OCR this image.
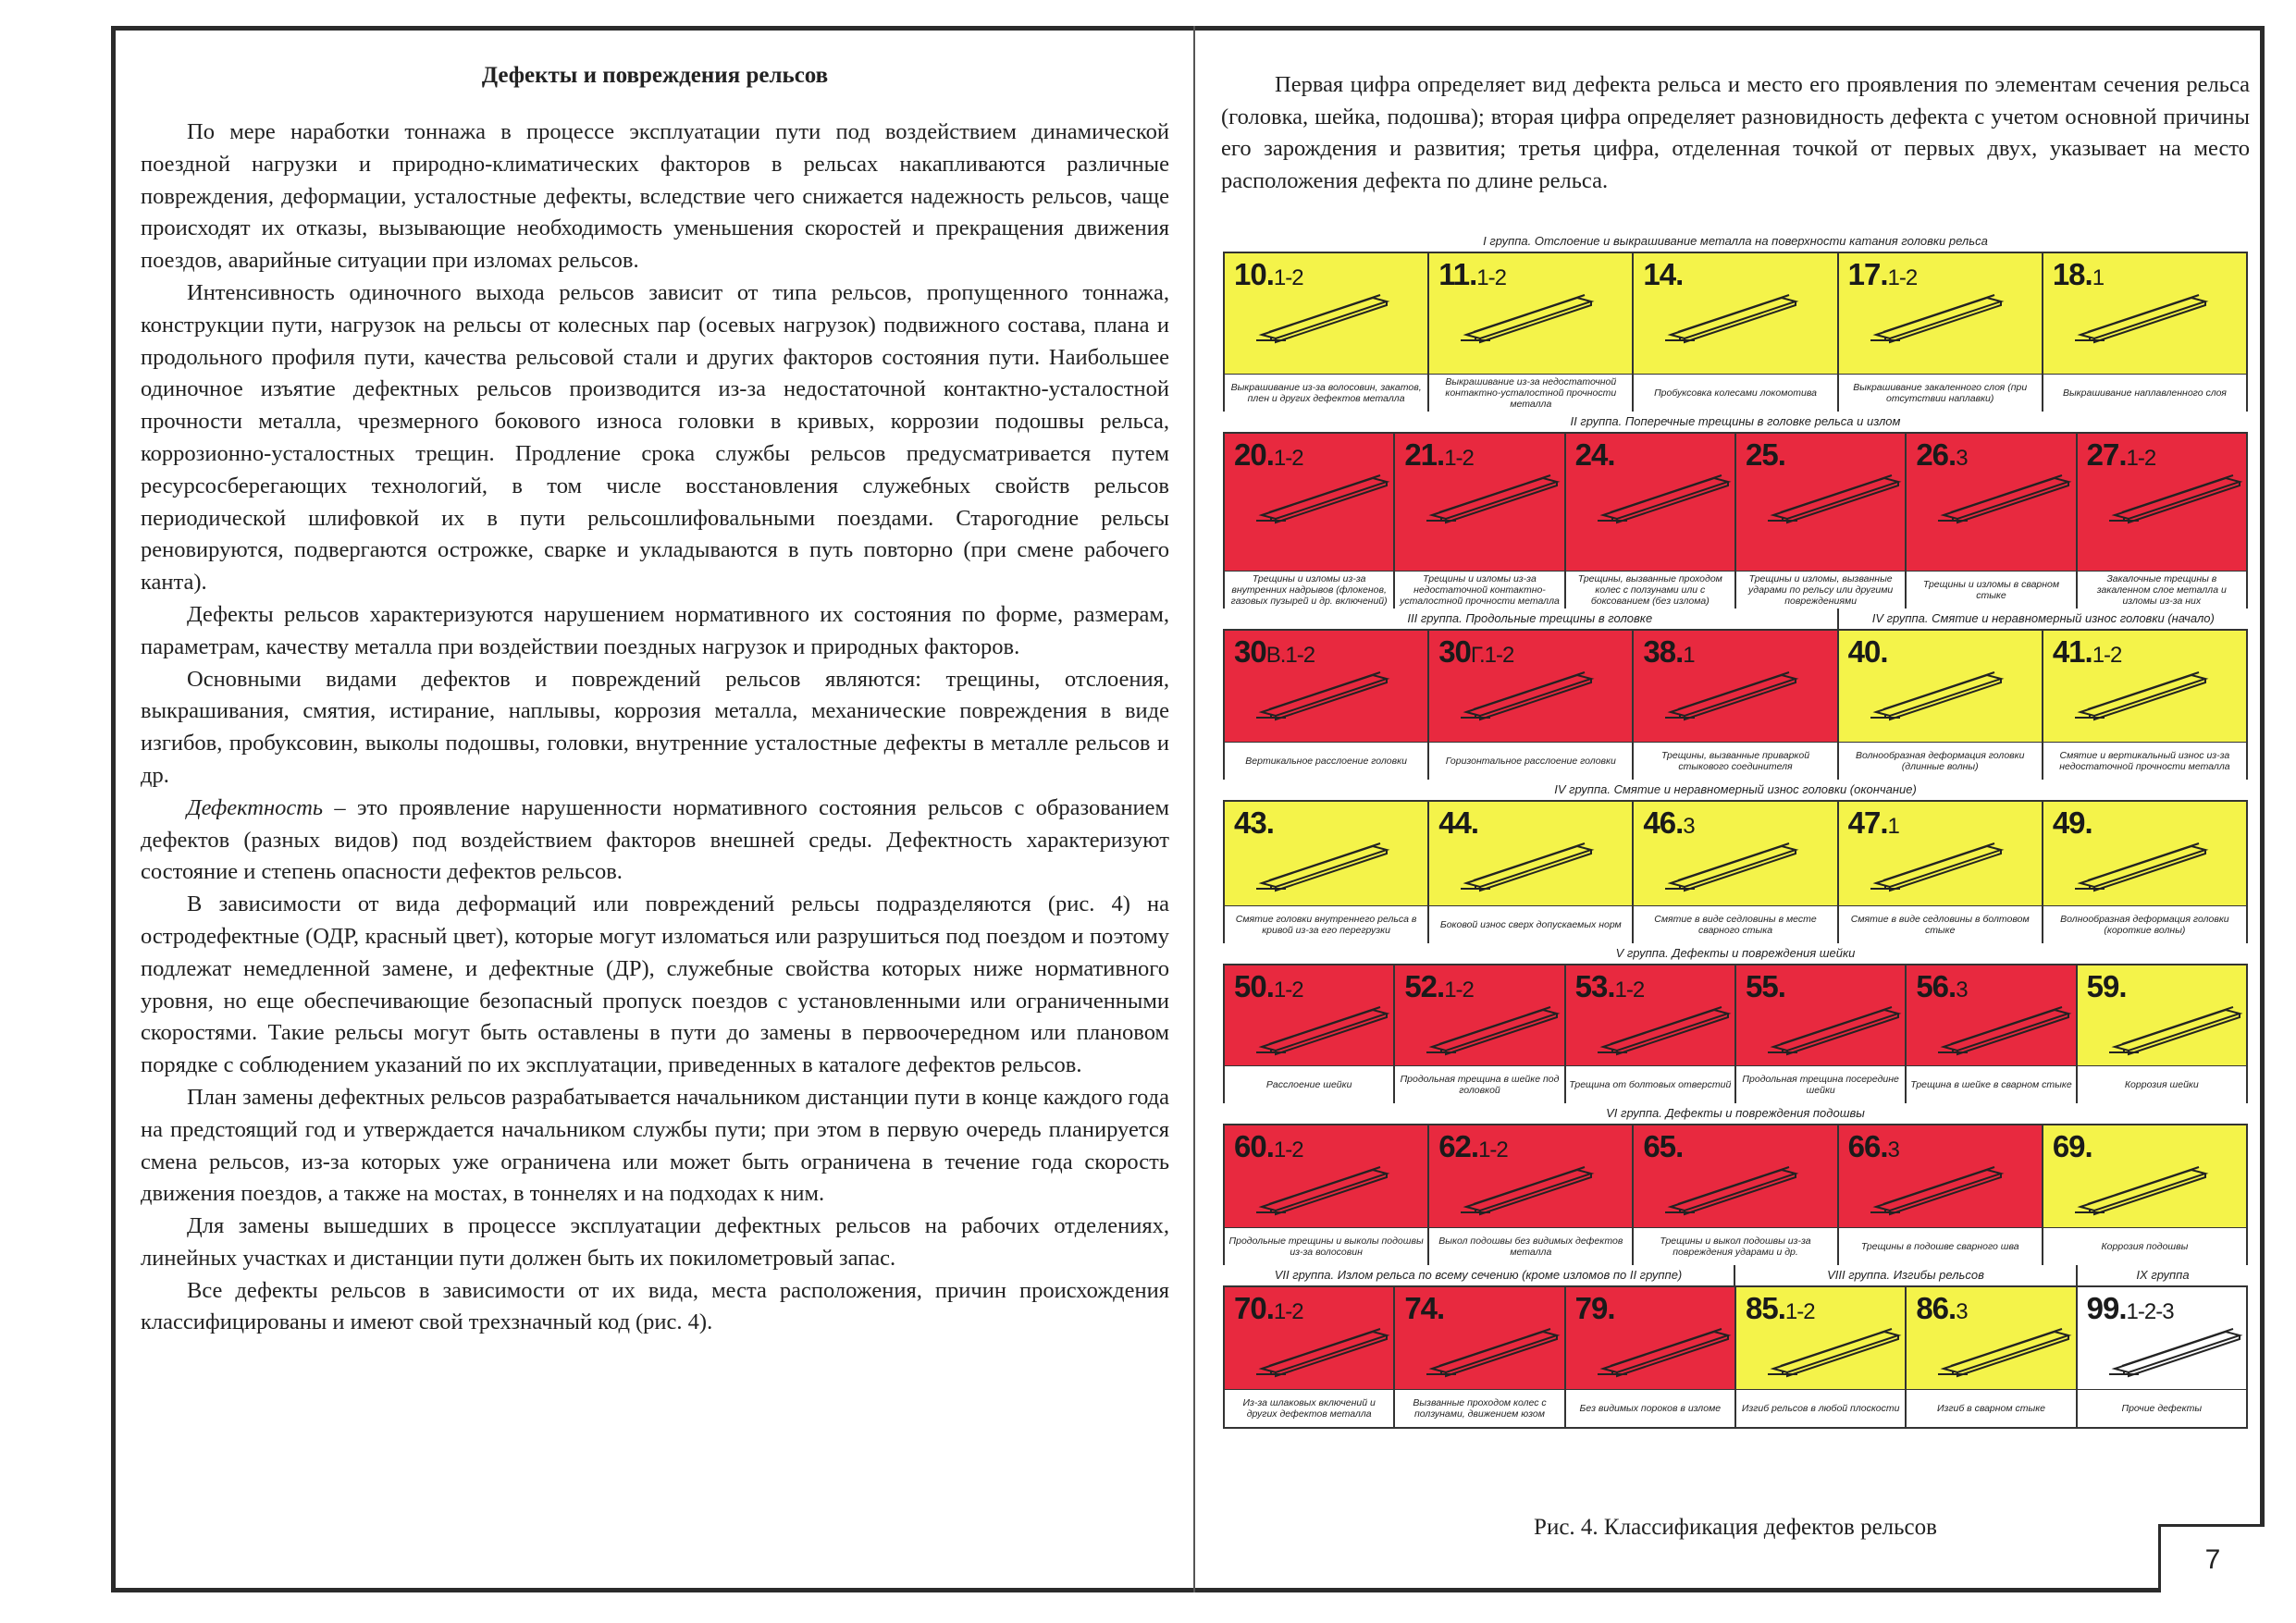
Дефекты и повреждения рельсов

По мере наработки тоннажа в процессе эксплуатации пути под воздействием динамической поездной нагрузки и природно-климатических факторов в рельсах накапливаются различные повреждения, деформации, усталостные дефекты, вследствие чего снижается надежность рельсов, чаще происходят их отказы, вызывающие необходимость уменьшения скоростей и прекращения движения поездов, аварийные ситуации при изломах рельсов.

Интенсивность одиночного выхода рельсов зависит от типа рельсов, пропущенного тоннажа, конструкции пути, нагрузок на рельсы от колесных пар (осевых нагрузок) подвижного состава, плана и продольного профиля пути, качества рельсовой стали и других факторов состояния пути. Наибольшее одиночное изъятие дефектных рельсов производится из-за недостаточной контактно-усталостной прочности металла, чрезмерного бокового износа головки в кривых, коррозии подошвы рельса, коррозионно-усталостных трещин. Продление срока службы рельсов предусматривается путем ресурсосберегающих технологий, в том числе восстановления служебных свойств рельсов периодической шлифовкой их в пути рельсошлифовальными поездами. Старогодние рельсы реновируются, подвергаются острожке, сварке и укладываются в путь повторно (при смене рабочего канта).

Дефекты рельсов характеризуются нарушением нормативного их состояния по форме, размерам, параметрам, качеству металла при воздействии поездных нагрузок и природных факторов.

Основными видами дефектов и повреждений рельсов являются: трещины, отслоения, выкрашивания, смятия, истирание, наплывы, коррозия металла, механические повреждения в виде изгибов, пробуксовин, выколы подошвы, головки, внутренние усталостные дефекты в металле рельсов и др.

Дефектность – это проявление нарушенности нормативного состояния рельсов с образованием дефектов (разных видов) под воздействием факторов внешней среды. Дефектность характеризуют состояние и степень опасности дефектов рельсов.

В зависимости от вида деформаций или повреждений рельсы подразделяются (рис. 4) на остродефектные (ОДР, красный цвет), которые могут изломаться или разрушиться под поездом и поэтому подлежат немедленной замене, и дефектные (ДР), служебные свойства которых ниже нормативного уровня, но еще обеспечивающие безопасный пропуск поездов с установленными или ограниченными скоростями. Такие рельсы могут быть оставлены в пути до замены в первоочередном или плановом порядке с соблюдением указаний по их эксплуатации, приведенных в каталоге дефектов рельсов.

План замены дефектных рельсов разрабатывается начальником дистанции пути в конце каждого года на предстоящий год и утверждается начальником службы пути; при этом в первую очередь планируется смена рельсов, из-за которых уже ограничена или может быть ограничена в течение года скорость движения поездов, а также на мостах, в тоннелях и на подходах к ним.

Для замены вышедших в процессе эксплуатации дефектных рельсов на рабочих отделениях, линейных участках и дистанции пути должен быть их покилометровый запас.

Все дефекты рельсов в зависимости от их вида, места расположения, причин происхождения классифицированы и имеют свой трехзначный код (рис. 4).

Первая цифра определяет вид дефекта рельса и место его проявления по элементам сечения рельса (головка, шейка, подошва); вторая цифра определяет разновидность дефекта с учетом основной причины его зарождения и развития; третья цифра, отделенная точкой от первых двух, указывает на место расположения дефекта по длине рельса.

I группа. Отслоение и выкрашивание металла на поверхности катания головки рельса
10.1-2
Выкрашивание из-за волосовин, закатов, плен и других дефектов металла
11.1-2
Выкрашивание из-за недостаточной контактно-усталостной прочности металла
14.
Пробуксовка колесами локомотива
17.1-2
Выкрашивание закаленного слоя (при отсутствии наплавки)
18.1
Выкрашивание наплавленного слоя
II группа. Поперечные трещины в головке рельса и излом
20.1-2
Трещины и изломы из-за внутренних надрывов (флокенов, газовых пузырей и др. включений)
21.1-2
Трещины и изломы из-за недостаточной контактно-усталостной прочности металла
24.
Трещины, вызванные проходом колес с ползунами или с боксованием (без излома)
25.
Трещины и изломы, вызванные ударами по рельсу или другими повреждениями
26.3
Трещины и изломы в сварном стыке
27.1-2
Закалочные трещины в закаленном слое металла и изломы из-за них
III группа. Продольные трещины в головке	IV группа. Смятие и неравномерный износ головки (начало)
30В.1-2
Вертикальное расслоение головки
30Г.1-2
Горизонтальное расслоение головки
38.1
Трещины, вызванные приваркой стыкового соединителя
40.
Волнообразная деформация головки (длинные волны)
41.1-2
Смятие и вертикальный износ из-за недостаточной прочности металла
IV группа. Смятие и неравномерный износ головки (окончание)
43.
Смятие головки внутреннего рельса в кривой из-за его перегрузки
44.
Боковой износ сверх допускаемых норм
46.3
Смятие в виде седловины в месте сварного стыка
47.1
Смятие в виде седловины в болтовом стыке
49.
Волнообразная деформация головки (короткие волны)
V группа. Дефекты и повреждения шейки
50.1-2
Расслоение шейки
52.1-2
Продольная трещина в шейке под головкой
53.1-2
Трещина от болтовых отверстий
55.
Продольная трещина посередине шейки
56.3
Трещина в шейке в сварном стыке
59.
Коррозия шейки
VI группа. Дефекты и повреждения подошвы
60.1-2
Продольные трещины и выколы подошвы из-за волосовин
62.1-2
Выкол подошвы без видимых дефектов металла
65.
Трещины и выкол подошвы из-за повреждения ударами и др.
66.3
Трещины в подошве сварного шва
69.
Коррозия подошвы
VII группа. Излом рельса по всему сечению (кроме изломов по II группе)	VIII группа. Изгибы рельсов	IX группа
70.1-2
Из-за шлаковых включений и других дефектов металла
74.
Вызванные проходом колес с ползунами, движением юзом
79.
Без видимых пороков в изломе
85.1-2
Изгиб рельсов в любой плоскости
86.3
Изгиб в сварном стыке
99.1-2-3
Прочие дефекты
Рис. 4. Классификация дефектов рельсов
7
